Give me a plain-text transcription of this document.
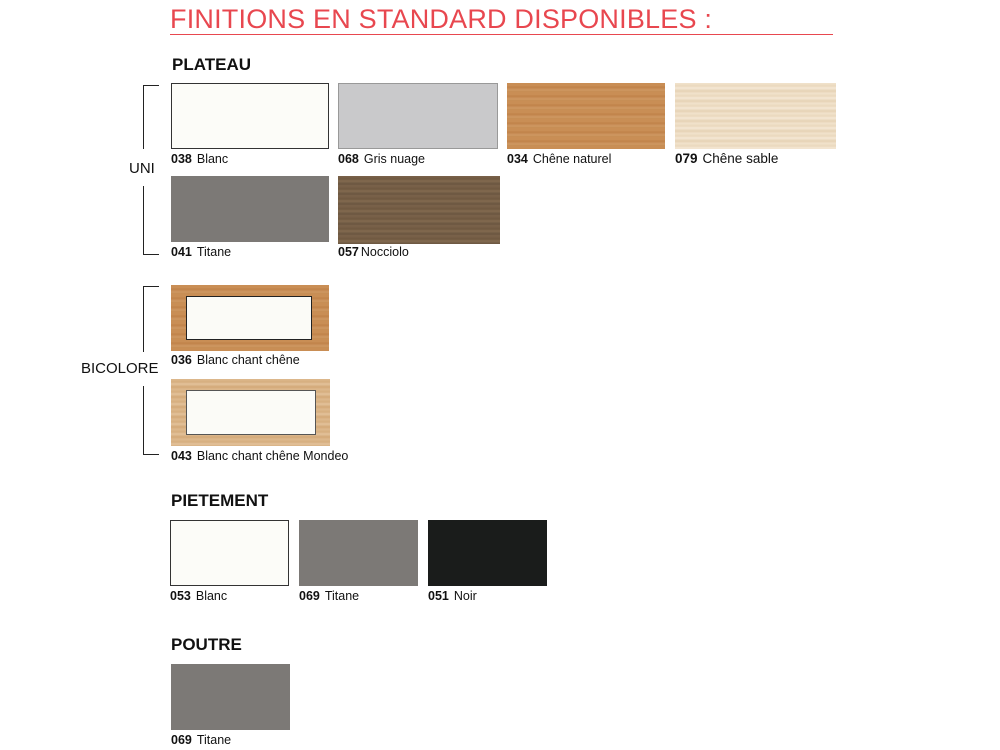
FINITIONS EN STANDARD DISPONIBLES :
PLATEAU
UNI
038 Blanc	068 Gris nuage	034 Chêne naturel	079 Chêne sable
041 Titane	057 Nocciolo
BICOLORE 036 Blanc chant chêne
043 Blanc chant chêne Mondeo
PIETEMENT
053 Blanc	069 Titane	051 Noir
POUTRE
069 Titane
